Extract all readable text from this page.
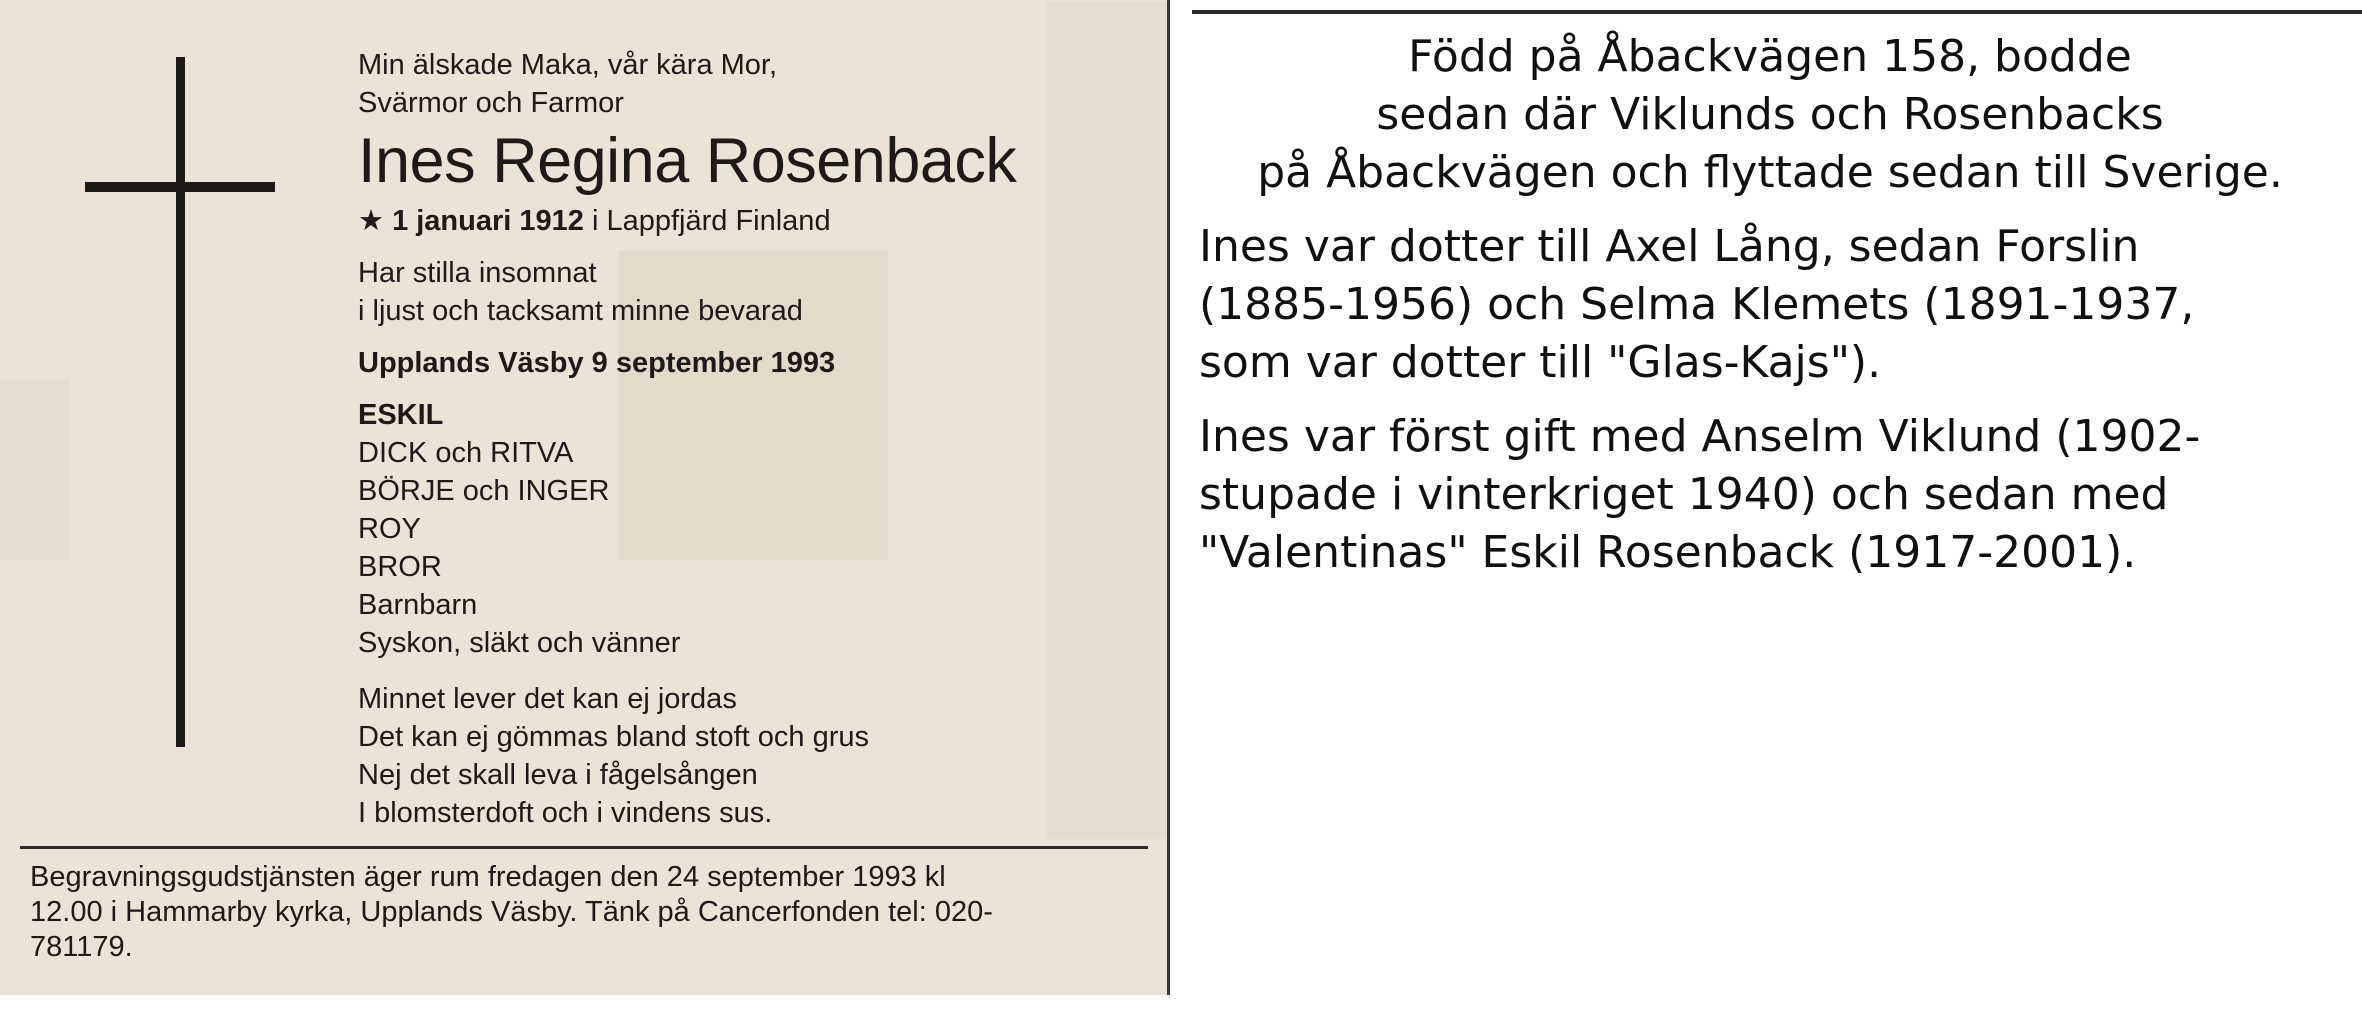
Min älskade Maka, vår kära Mor,
Svärmor och Farmor
Ines Regina Rosenback
★ 1 januari 1912 i Lappfjärd Finland
Har stilla insomnat
i ljust och tacksamt minne bevarad
Upplands Väsby 9 september 1993
ESKIL
DICK och RITVA
BÖRJE och INGER
ROY
BROR
Barnbarn
Syskon, släkt och vänner
Minnet lever det kan ej jordas
Det kan ej gömmas bland stoft och grus
Nej det skall leva i fågelsången
I blomsterdoft och i vindens sus.
Begravningsgudstjänsten äger rum fredagen den 24 september 1993 kl
12.00 i Hammarby kyrka, Upplands Väsby. Tänk på Cancerfonden tel: 020-
781179.
Född på Åbackvägen 158, bodde
sedan där Viklunds och Rosenbacks
på Åbackvägen och flyttade sedan till Sverige.
Ines var dotter till Axel Lång, sedan Forslin
(1885-1956) och Selma Klemets (1891-1937,
som var dotter till "Glas-Kajs").
Ines var först gift med Anselm Viklund (1902-
stupade i vinterkriget 1940) och sedan med
"Valentinas" Eskil Rosenback (1917-2001).
